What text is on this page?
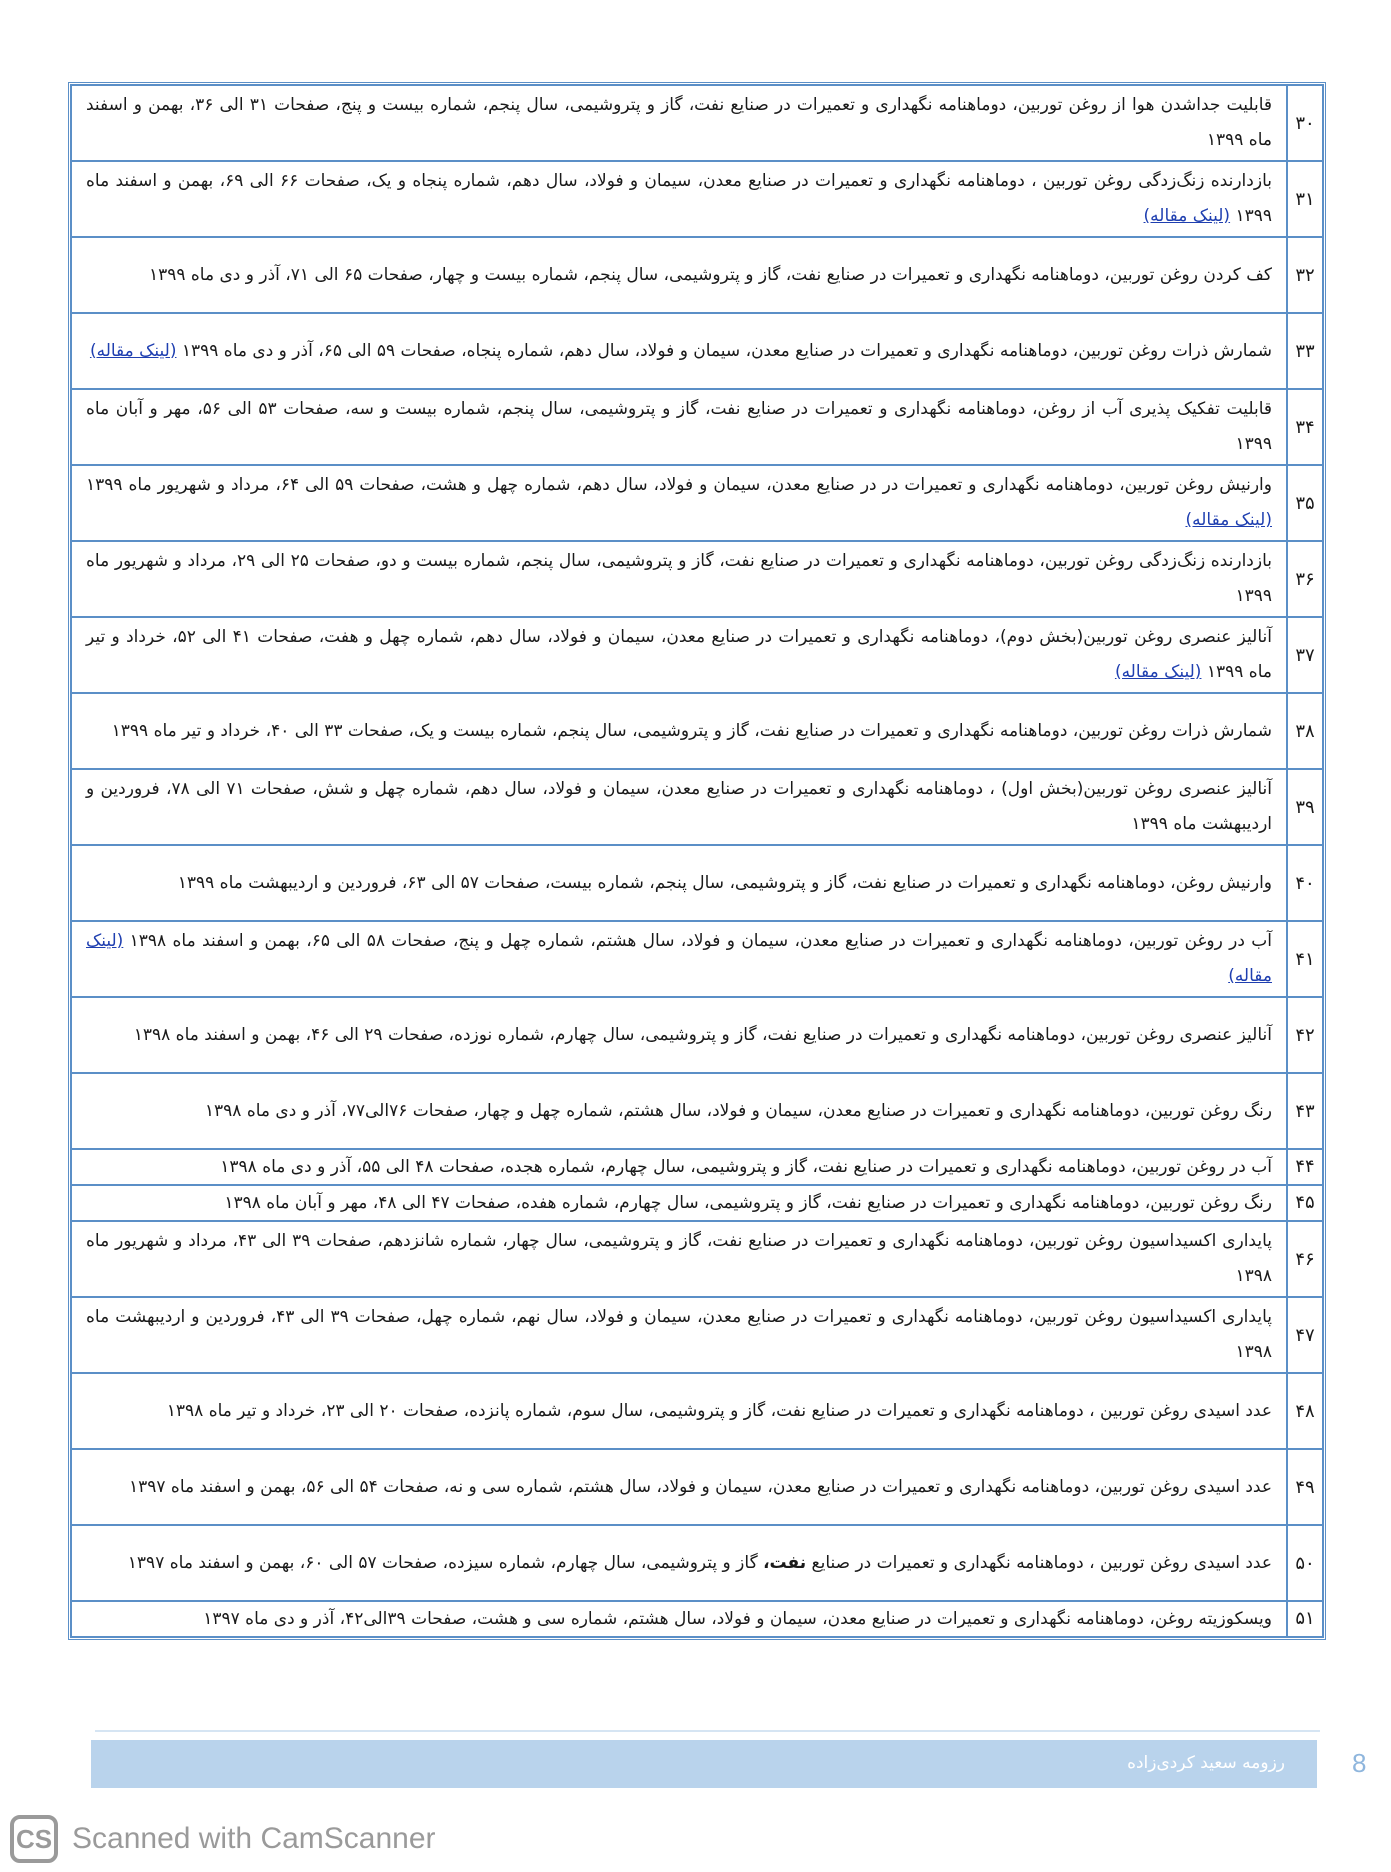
۳۰	قابلیت جداشدن هوا از روغن توربین، دوماهنامه نگهداری و تعمیرات در صنایع نفت، گاز و پتروشیمی، سال پنجم، شماره بیست و پنج، صفحات ۳۱ الی ۳۶، بهمن و اسفند ماه ۱۳۹۹
۳۱	بازدارنده زنگ‌زدگی روغن توربین ، دوماهنامه نگهداری و تعمیرات در صنایع معدن، سیمان و فولاد، سال دهم، شماره پنجاه و یک، صفحات ۶۶ الی ۶۹، بهمن و اسفند ماه ۱۳۹۹ (لینک مقاله)
۳۲	کف کردن روغن توربین، دوماهنامه نگهداری و تعمیرات در صنایع نفت، گاز و پتروشیمی، سال پنجم، شماره بیست و چهار، صفحات ۶۵ الی ۷۱، آذر و دی ماه ۱۳۹۹
۳۳	شمارش ذرات روغن توربین، دوماهنامه نگهداری و تعمیرات در صنایع معدن، سیمان و فولاد، سال دهم، شماره پنجاه، صفحات ۵۹ الی ۶۵، آذر و دی ماه ۱۳۹۹ (لینک مقاله)
۳۴	قابلیت تفکیک پذیری آب از روغن، دوماهنامه نگهداری و تعمیرات در صنایع نفت، گاز و پتروشیمی، سال پنجم، شماره بیست و سه، صفحات ۵۳ الی ۵۶، مهر و آبان ماه ۱۳۹۹
۳۵	وارنیش روغن توربین، دوماهنامه نگهداری و تعمیرات در در صنایع معدن، سیمان و فولاد، سال دهم، شماره چهل و هشت، صفحات ۵۹ الی ۶۴، مرداد و شهریور ماه ۱۳۹۹ (لینک مقاله)
۳۶	بازدارنده زنگ‌زدگی روغن توربین، دوماهنامه نگهداری و تعمیرات در صنایع نفت، گاز و پتروشیمی، سال پنجم، شماره بیست و دو، صفحات ۲۵ الی ۲۹، مرداد و شهریور ماه ۱۳۹۹
۳۷	آنالیز عنصری روغن توربین(بخش دوم)، دوماهنامه نگهداری و تعمیرات در صنایع معدن، سیمان و فولاد، سال دهم، شماره چهل و هفت، صفحات ۴۱ الی ۵۲، خرداد و تیر ماه ۱۳۹۹ (لینک مقاله)
۳۸	شمارش ذرات روغن توربین، دوماهنامه نگهداری و تعمیرات در صنایع نفت، گاز و پتروشیمی، سال پنجم، شماره بیست و یک، صفحات ۳۳ الی ۴۰، خرداد و تیر ماه ۱۳۹۹
۳۹	آنالیز عنصری روغن توربین(بخش اول) ، دوماهنامه نگهداری و تعمیرات در صنایع معدن، سیمان و فولاد، سال دهم، شماره چهل و شش، صفحات ۷۱ الی ۷۸، فروردین و اردیبهشت ماه ۱۳۹۹
۴۰	وارنیش روغن، دوماهنامه نگهداری و تعمیرات در صنایع نفت، گاز و پتروشیمی، سال پنجم، شماره بیست، صفحات ۵۷ الی ۶۳، فروردین و اردیبهشت ماه ۱۳۹۹
۴۱	آب در روغن توربین، دوماهنامه نگهداری و تعمیرات در صنایع معدن، سیمان و فولاد، سال هشتم، شماره چهل و پنج، صفحات ۵۸ الی ۶۵، بهمن و اسفند ماه ۱۳۹۸ (لینک مقاله)
۴۲	آنالیز عنصری روغن توربین، دوماهنامه نگهداری و تعمیرات در صنایع نفت، گاز و پتروشیمی، سال چهارم، شماره نوزده، صفحات ۲۹ الی ۴۶، بهمن و اسفند ماه ۱۳۹۸
۴۳	رنگ روغن توربین، دوماهنامه نگهداری و تعمیرات در صنایع معدن، سیمان و فولاد، سال هشتم، شماره چهل و چهار، صفحات ۷۶الی۷۷، آذر و دی ماه ۱۳۹۸
۴۴	آب در روغن توربین، دوماهنامه نگهداری و تعمیرات در صنایع نفت، گاز و پتروشیمی، سال چهارم، شماره هجده، صفحات ۴۸ الی ۵۵، آذر و دی ماه ۱۳۹۸
۴۵	رنگ روغن توربین، دوماهنامه نگهداری و تعمیرات در صنایع نفت، گاز و پتروشیمی، سال چهارم، شماره هفده، صفحات ۴۷ الی ۴۸، مهر و آبان ماه ۱۳۹۸
۴۶	پایداری اکسیداسیون روغن توربین، دوماهنامه نگهداری و تعمیرات در صنایع نفت، گاز و پتروشیمی، سال چهار، شماره شانزدهم، صفحات ۳۹ الی ۴۳، مرداد و شهریور ماه ۱۳۹۸
۴۷	پایداری اکسیداسیون روغن توربین، دوماهنامه نگهداری و تعمیرات در صنایع معدن، سیمان و فولاد، سال نهم، شماره چهل، صفحات ۳۹ الی ۴۳، فروردین و اردیبهشت ماه ۱۳۹۸
۴۸	عدد اسیدی روغن توربین ، دوماهنامه نگهداری و تعمیرات در صنایع نفت، گاز و پتروشیمی، سال سوم، شماره پانزده، صفحات ۲۰ الی ۲۳، خرداد و تیر ماه ۱۳۹۸
۴۹	عدد اسیدی روغن توربین، دوماهنامه نگهداری و تعمیرات در صنایع معدن، سیمان و فولاد، سال هشتم، شماره سی و نه، صفحات ۵۴ الی ۵۶، بهمن و اسفند ماه ۱۳۹۷
۵۰	عدد اسیدی روغن توربین ، دوماهنامه نگهداری و تعمیرات در صنایع نفت، گاز و پتروشیمی، سال چهارم، شماره سیزده، صفحات ۵۷ الی ۶۰، بهمن و اسفند ماه ۱۳۹۷
۵۱	ویسکوزیته روغن، دوماهنامه نگهداری و تعمیرات در صنایع معدن، سیمان و فولاد، سال هشتم، شماره سی و هشت، صفحات ۳۹الی۴۲، آذر و دی ماه ۱۳۹۷
رزومه سعید کردی‌زاده	8
CS Scanned with CamScanner
